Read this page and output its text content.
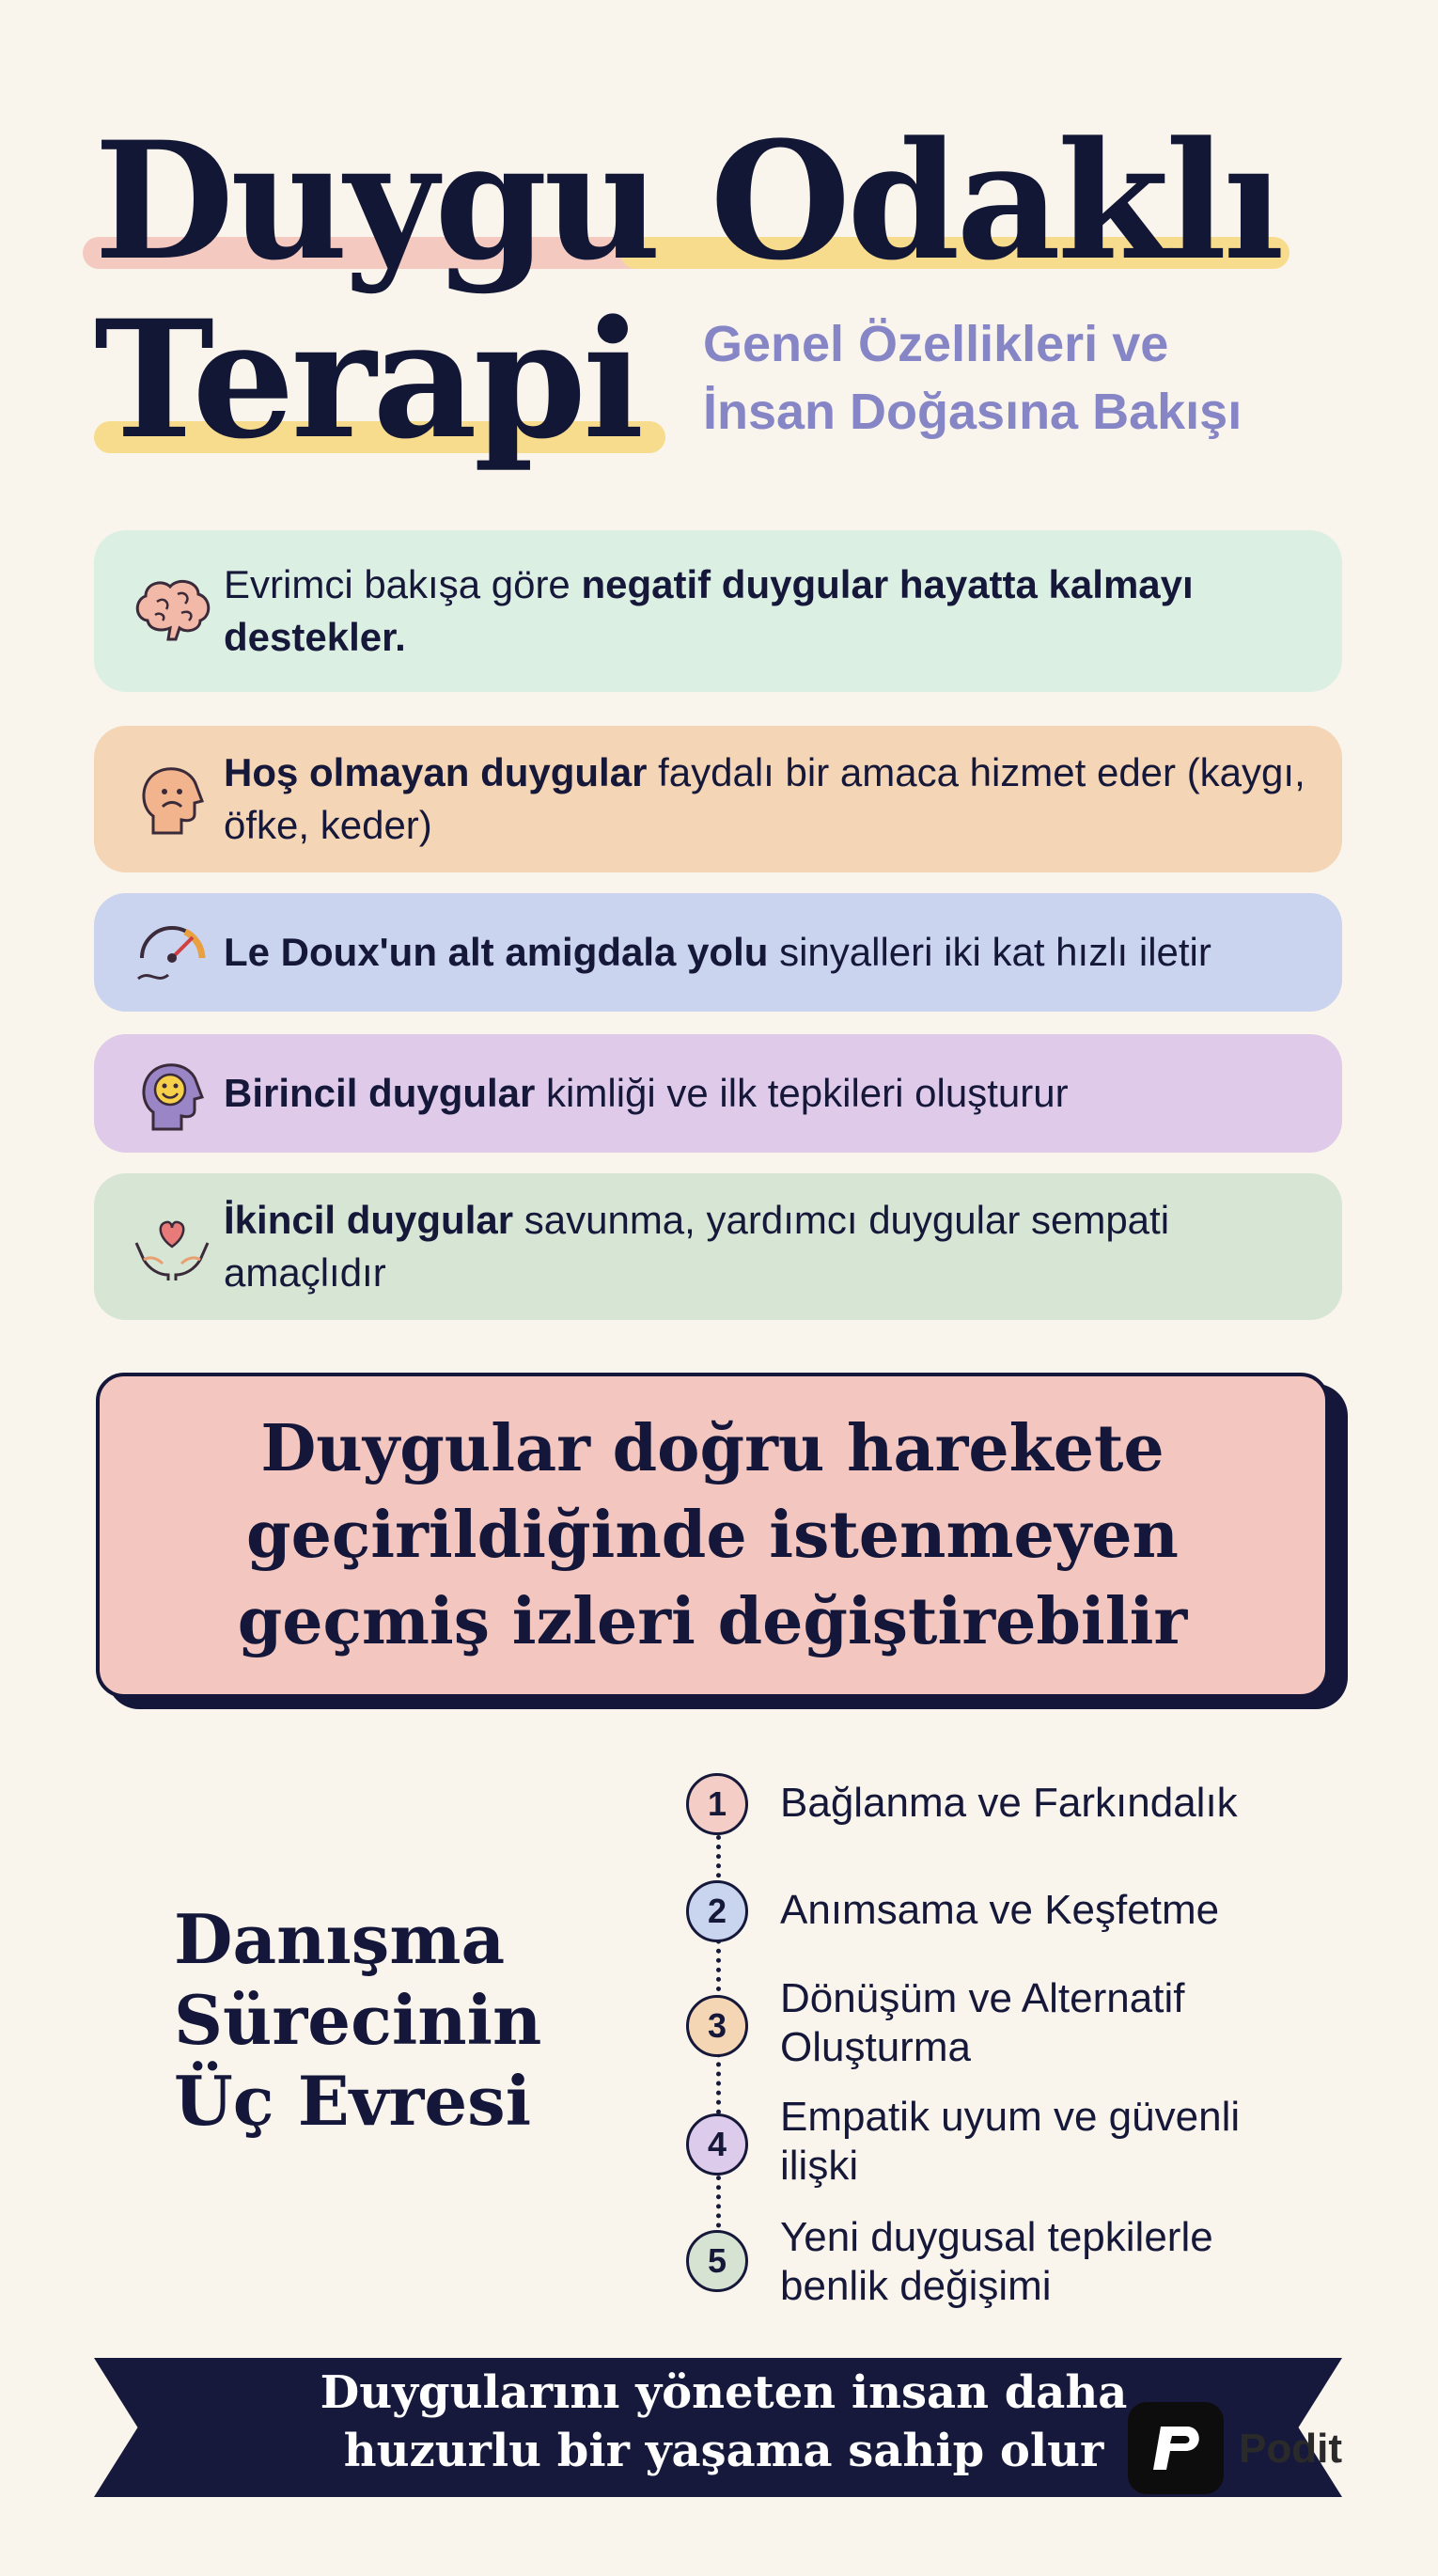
Duygu Odaklı
Terapi Genel Özellikleri ve
İnsan Doğasına Bakışı
Evrimci bakışa göre negatif duygular hayatta kalmayı destekler.
Hoş olmayan duygular faydalı bir amaca hizmet eder (kaygı, öfke, keder)
Le Doux'un alt amigdala yolu sinyalleri iki kat hızlı iletir
Birincil duygular kimliği ve ilk tepkileri oluşturur
İkincil duygular savunma, yardımcı duygular sempati amaçlıdır
Duygular doğru harekete
geçirildiğinde istenmeyen
geçmiş izleri değiştirebilir
Danışma
Sürecinin
Üç Evresi
1	Bağlanma ve Farkındalık
2	Anımsama ve Keşfetme
3
Dönüşüm ve Alternatif Oluşturma
4
Empatik uyum ve güvenli ilişki
5
Yeni duygusal tepkilerle benlik değişimi
Duygularını yöneten insan daha
huzurlu bir yaşama sahip olur	Podit
